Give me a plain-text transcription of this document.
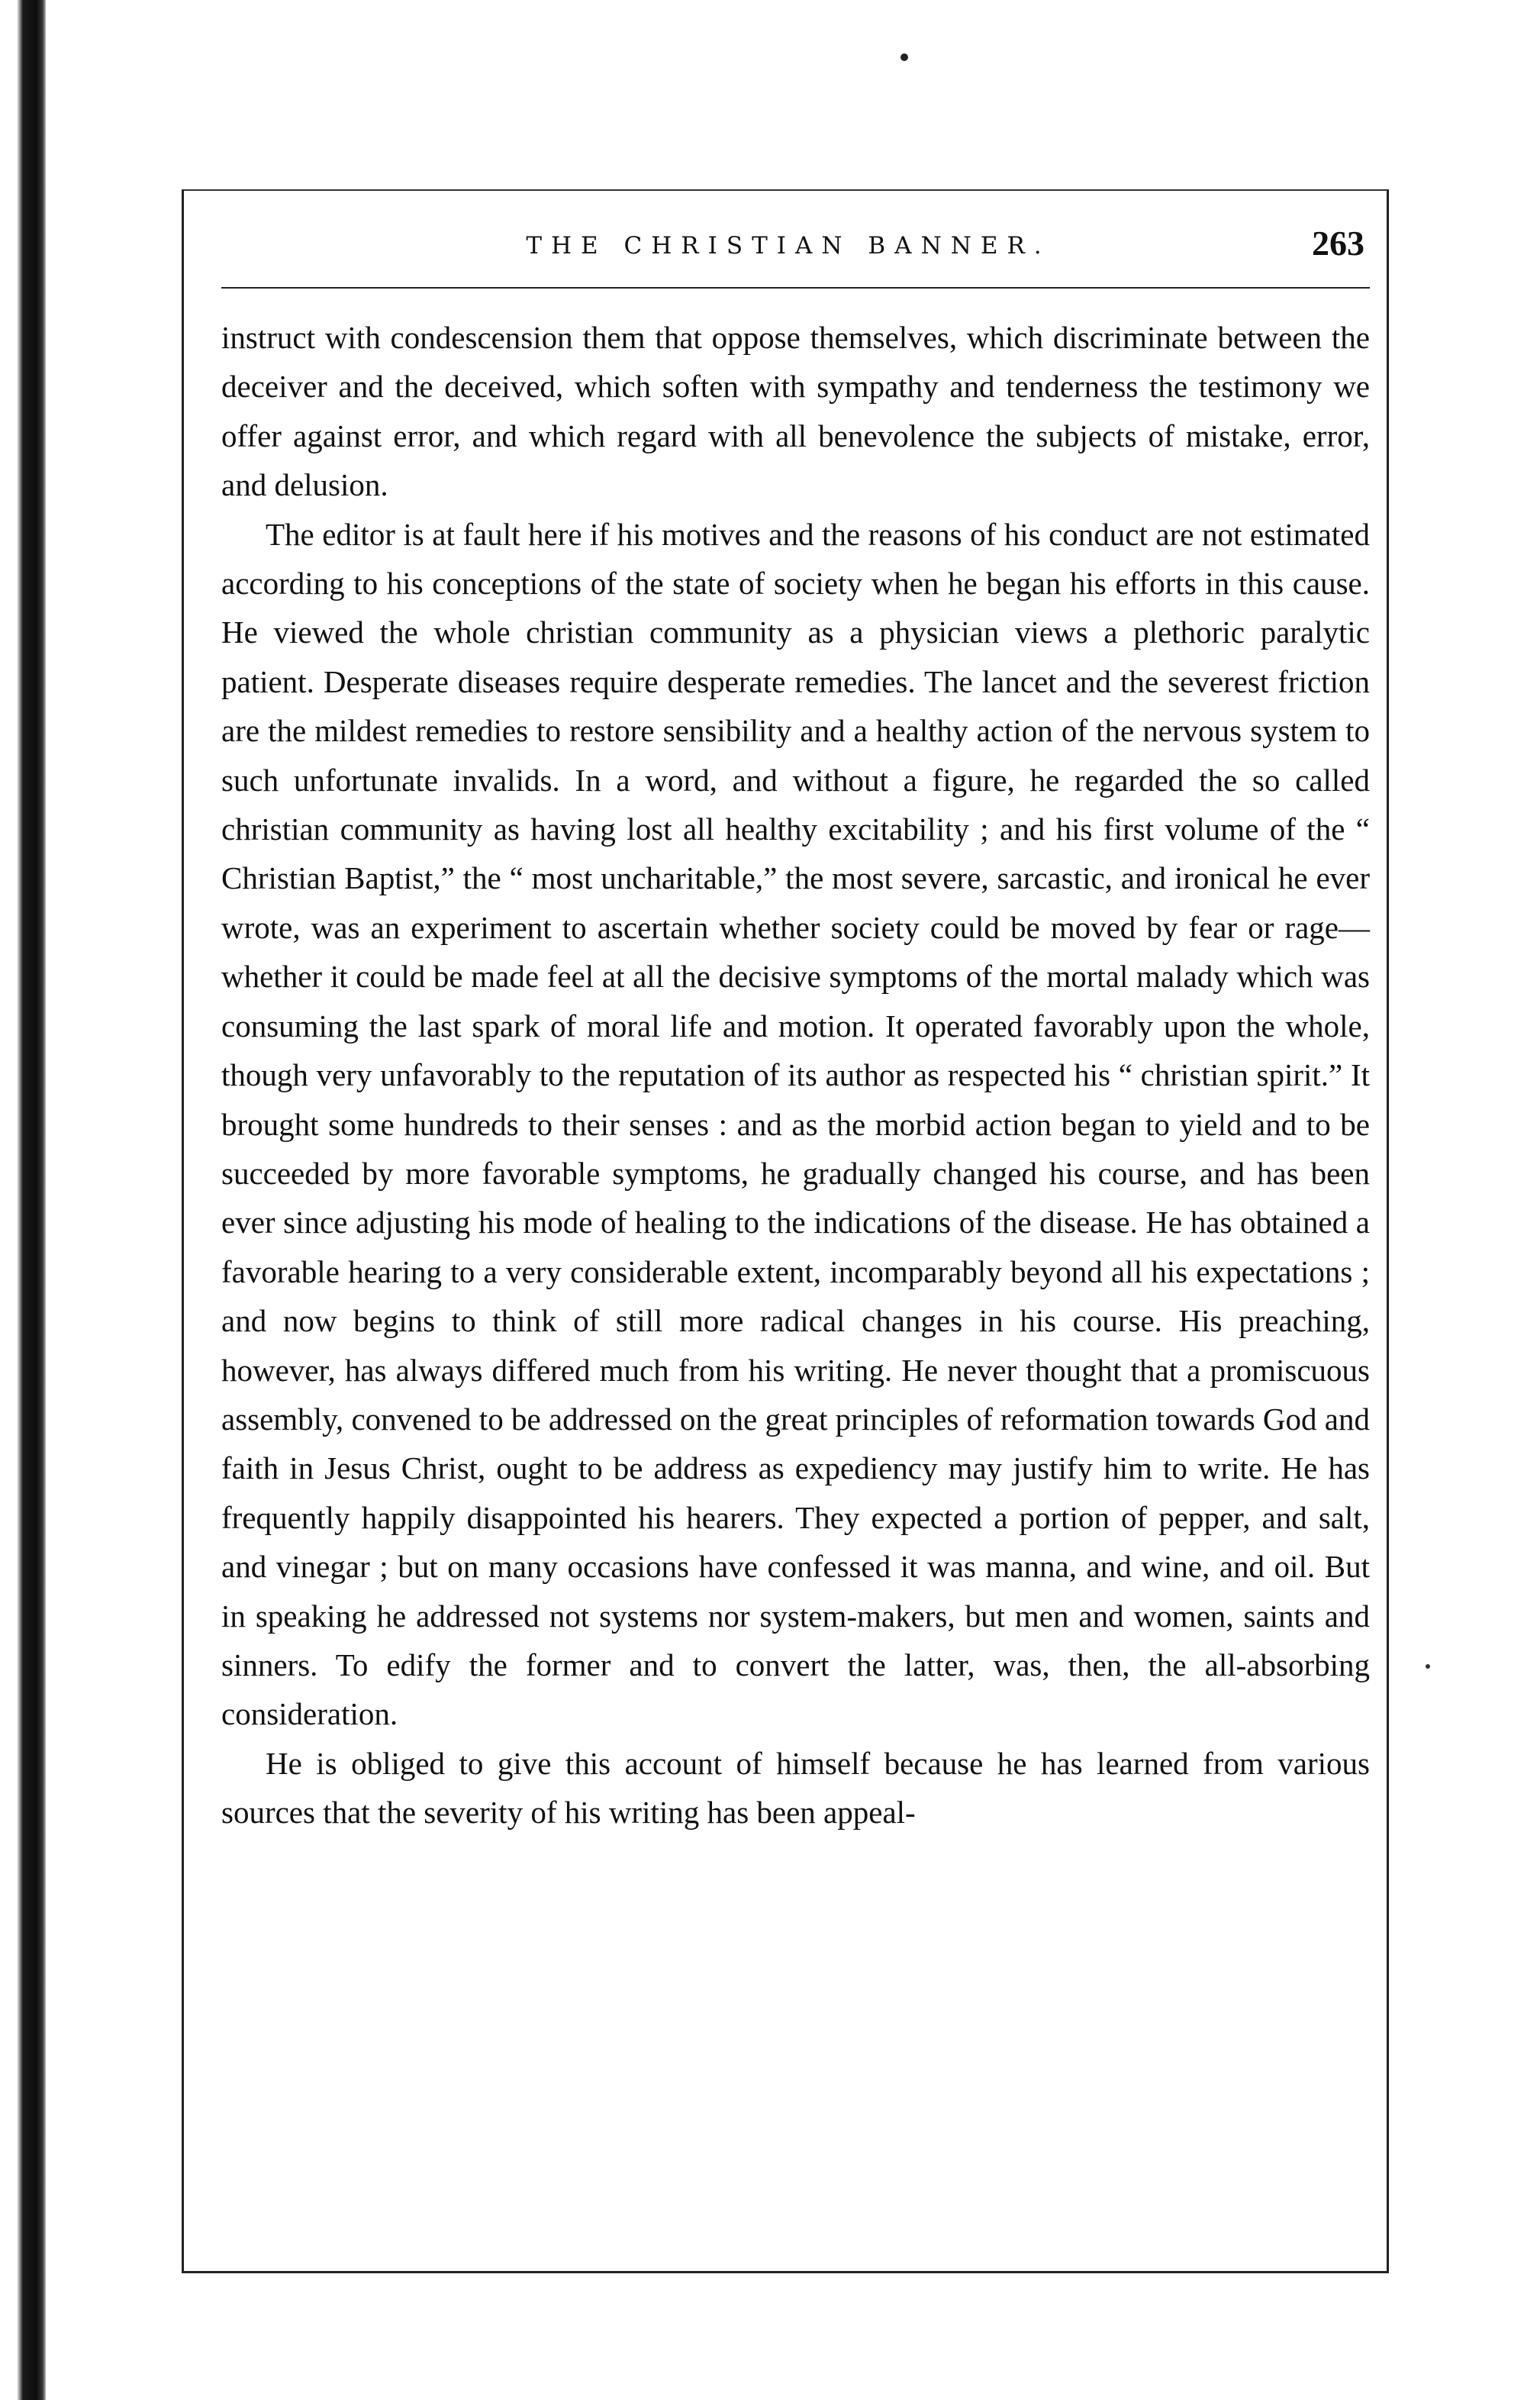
THE CHRISTIAN BANNER.	263

instruct with condescension them that oppose themselves, which discriminate between the deceiver and the deceived, which soften with sympathy and tenderness the testimony we offer against error, and which regard with all benevolence the subjects of mistake, error, and delusion.

The editor is at fault here if his motives and the reasons of his conduct are not estimated according to his conceptions of the state of society when he began his efforts in this cause. He viewed the whole christian community as a physician views a plethoric paralytic patient. Desperate diseases require desperate remedies. The lancet and the severest friction are the mildest remedies to restore sensibility and a healthy action of the nervous system to such unfortunate invalids. In a word, and without a figure, he regarded the so called christian community as having lost all healthy excitability ; and his first volume of the “ Christian Baptist,” the “ most uncharitable,” the most severe, sarcastic, and ironical he ever wrote, was an experiment to ascertain whether society could be moved by fear or rage—whether it could be made feel at all the decisive symptoms of the mortal malady which was consuming the last spark of moral life and motion. It operated favorably upon the whole, though very unfavorably to the reputation of its author as respected his “ christian spirit.” It brought some hundreds to their senses : and as the morbid action began to yield and to be succeeded by more favorable symptoms, he gradually changed his course, and has been ever since adjusting his mode of healing to the indications of the disease. He has obtained a favorable hearing to a very considerable extent, incomparably beyond all his expectations ; and now begins to think of still more radical changes in his course. His preaching, however, has always differed much from his writing. He never thought that a promiscuous assembly, convened to be addressed on the great principles of reformation towards God and faith in Jesus Christ, ought to be address as expediency may justify him to write. He has frequently happily disappointed his hearers. They expected a portion of pepper, and salt, and vinegar ; but on many occasions have confessed it was manna, and wine, and oil. But in speaking he addressed not systems nor system-makers, but men and women, saints and sinners. To edify the former and to convert the latter, was, then, the all-absorbing consideration.

He is obliged to give this account of himself because he has learned from various sources that the severity of his writing has been appeal-
